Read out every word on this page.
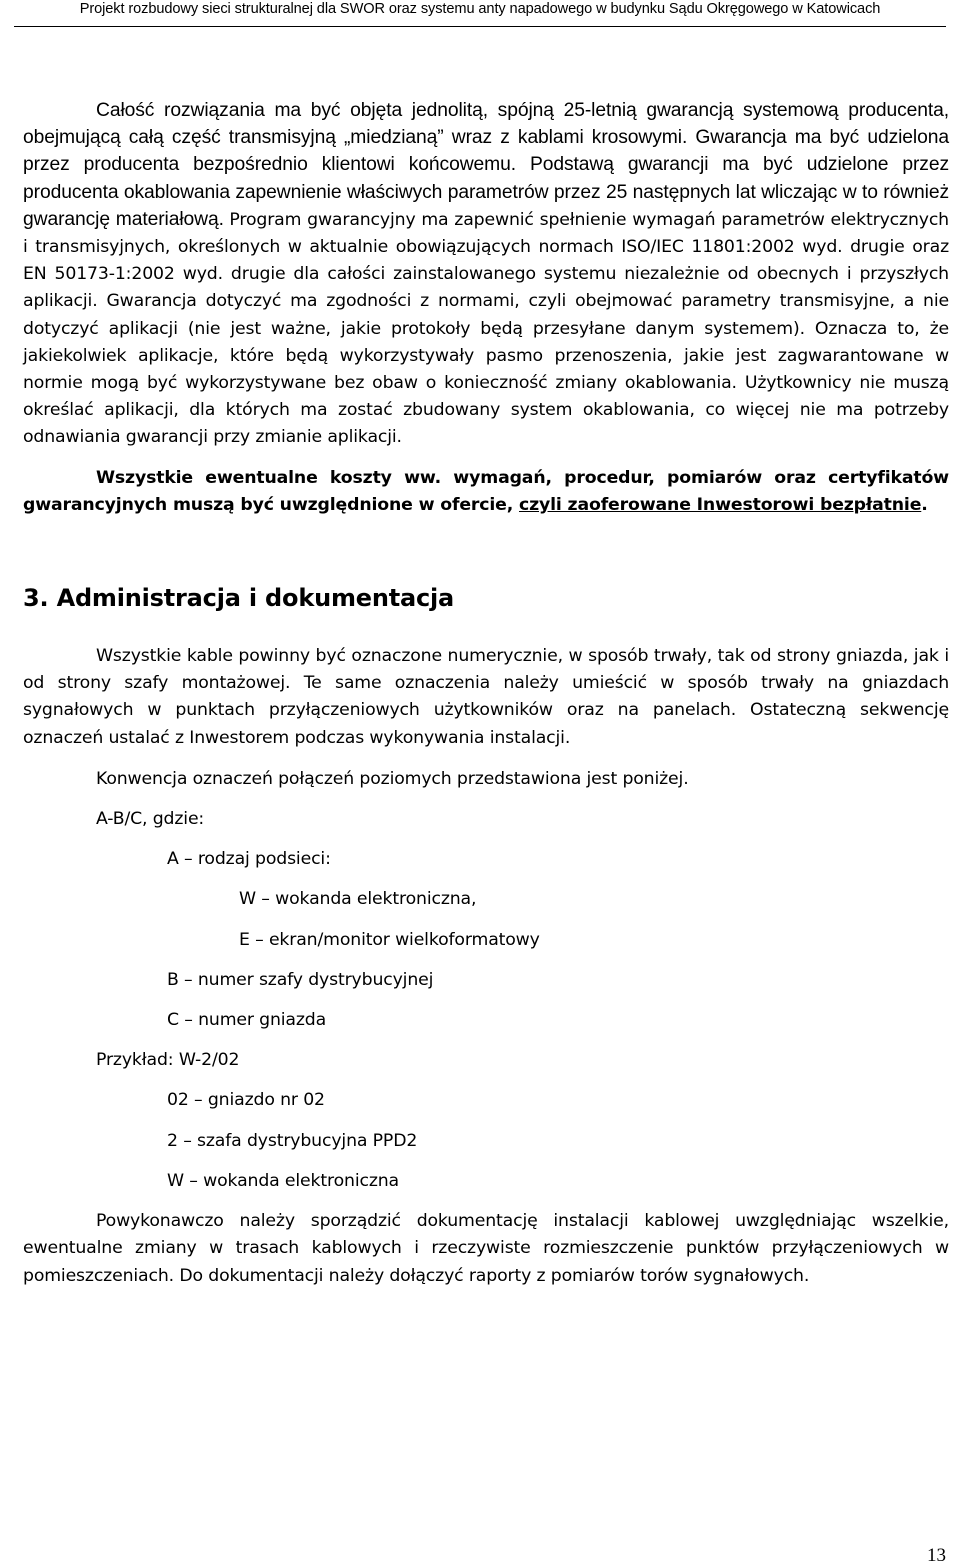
Projekt rozbudowy sieci strukturalnej dla SWOR oraz systemu anty napadowego w budynku Sądu Okręgowego w Katowicach

Całość rozwiązania ma być objęta jednolitą, spójną 25-letnią gwarancją systemową producenta, obejmującą całą część transmisyjną „miedzianą” wraz z kablami krosowymi. Gwarancja ma być udzielona przez producenta bezpośrednio klientowi końcowemu. Podstawą gwarancji ma być udzielone przez producenta okablowania zapewnienie właściwych parametrów przez 25 następnych lat wliczając w to również gwarancję materiałową. Program gwarancyjny ma zapewnić spełnienie wymagań parametrów elektrycznych i transmisyjnych, określonych w aktualnie obowiązujących normach ISO/IEC 11801:2002 wyd. drugie oraz EN 50173-1:2002 wyd. drugie dla całości zainstalowanego systemu niezależnie od obecnych i przyszłych aplikacji. Gwarancja dotyczyć ma zgodności z normami, czyli obejmować parametry transmisyjne, a nie dotyczyć aplikacji (nie jest ważne, jakie protokoły będą przesyłane danym systemem). Oznacza to, że jakiekolwiek aplikacje, które będą wykorzystywały pasmo przenoszenia, jakie jest zagwarantowane w normie mogą być wykorzystywane bez obaw o konieczność zmiany okablowania. Użytkownicy nie muszą określać aplikacji, dla których ma zostać zbudowany system okablowania, co więcej nie ma potrzeby odnawiania gwarancji przy zmianie aplikacji.

Wszystkie ewentualne koszty ww. wymagań, procedur, pomiarów oraz certyfikatów gwarancyjnych muszą być uwzględnione w ofercie, czyli zaoferowane Inwestorowi bezpłatnie.

3. Administracja i dokumentacja

Wszystkie kable powinny być oznaczone numerycznie, w sposób trwały, tak od strony gniazda, jak i od strony szafy montażowej. Te same oznaczenia należy umieścić w sposób trwały na gniazdach sygnałowych w punktach przyłączeniowych użytkowników oraz na panelach. Ostateczną sekwencję oznaczeń ustalać z Inwestorem podczas wykonywania instalacji.

Konwencja oznaczeń połączeń poziomych przedstawiona jest poniżej.
A-B/C, gdzie:
A – rodzaj podsieci:
W – wokanda elektroniczna,
E – ekran/monitor wielkoformatowy
B – numer szafy dystrybucyjnej
C – numer gniazda
Przykład: W-2/02
02 – gniazdo nr 02
2 – szafa dystrybucyjna PPD2
W – wokanda elektroniczna

Powykonawczo należy sporządzić dokumentację instalacji kablowej uwzględniając wszelkie, ewentualne zmiany w trasach kablowych i rzeczywiste rozmieszczenie punktów przyłączeniowych w pomieszczeniach. Do dokumentacji należy dołączyć raporty z pomiarów torów sygnałowych.

13
